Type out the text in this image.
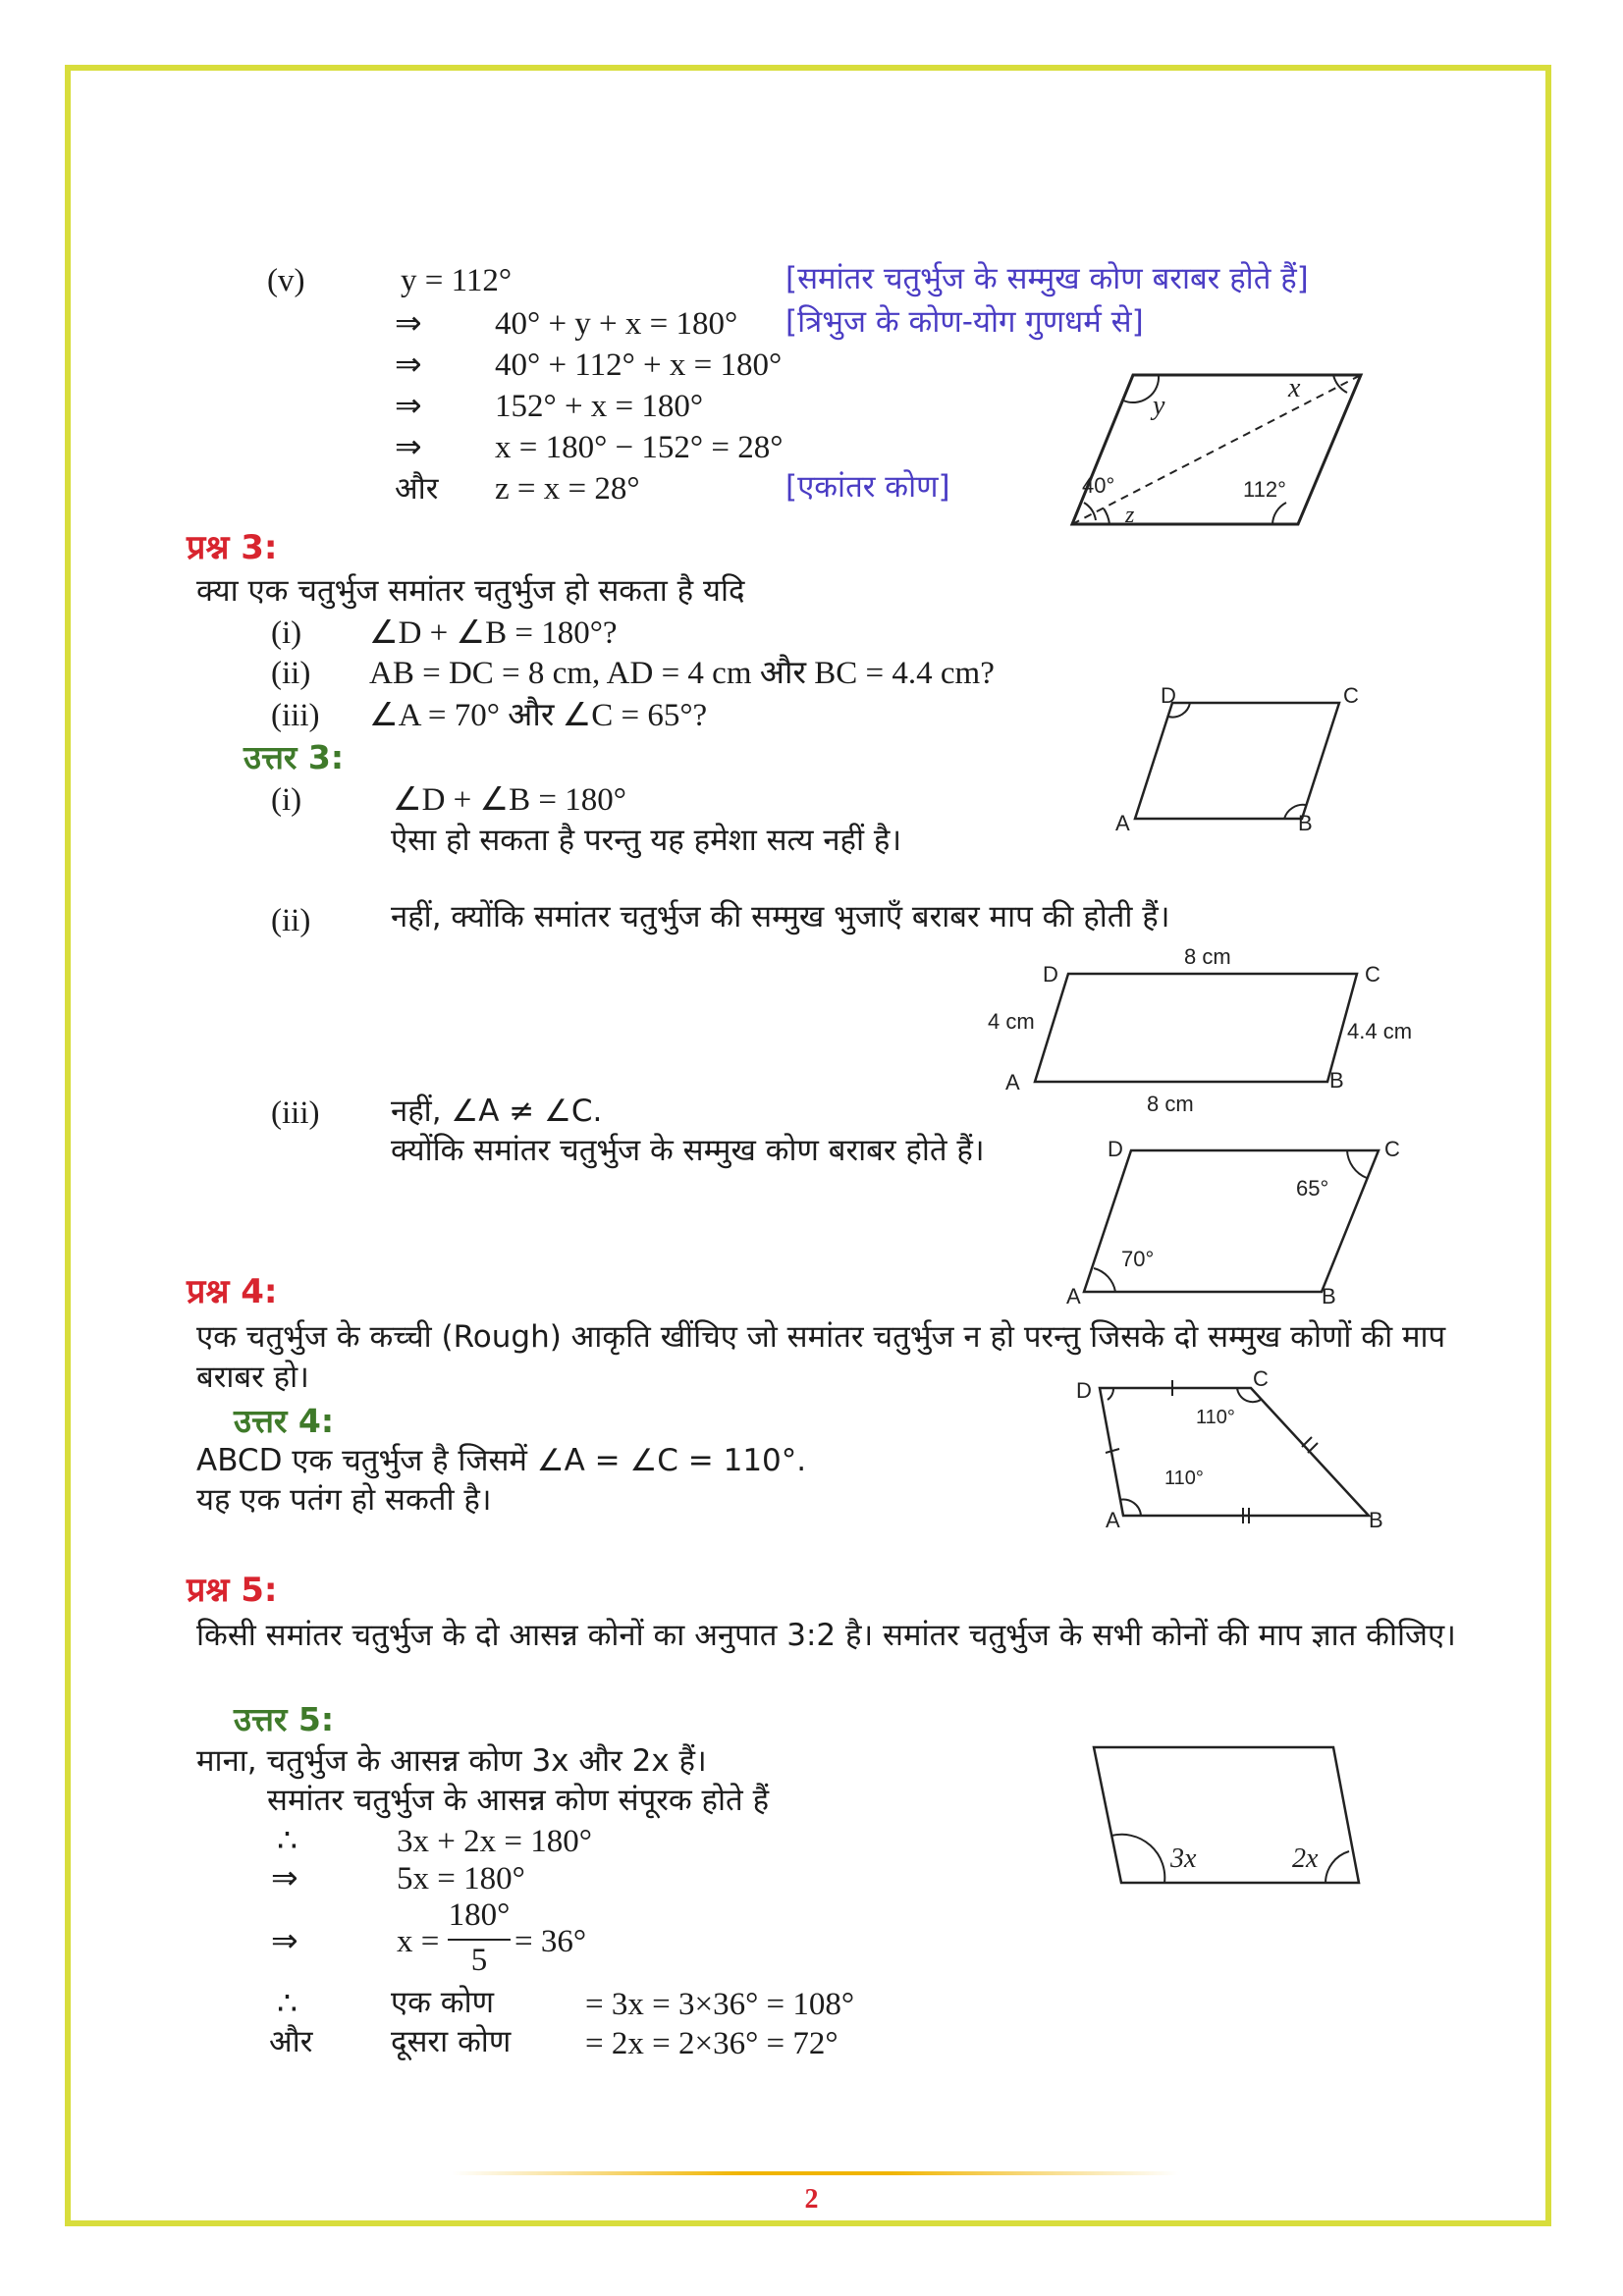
(v)	y = 112°	[समांतर चतुर्भुज के सम्मुख कोण बराबर होते हैं]
⇒ 40° + y + x = 180° [त्रिभुज के कोण-योग गुणधर्म से]
⇒ 40° + 112° + x = 180°
⇒ 152° + x = 180°
⇒ x = 180° − 152° = 28°
और z = x = 28°	[एकांतर कोण]
y
x
40°	112°
z
प्रश्न 3:
क्या एक चतुर्भुज समांतर चतुर्भुज हो सकता है यदि
(i) ∠D + ∠B = 180°?
(ii) AB = DC = 8 cm, AD = 4 cm और BC = 4.4 cm?
(iii) ∠A = 70° और ∠C = 65°?
उत्तर 3:
(i)	∠D + ∠B = 180°
ऐसा हो सकता है परन्तु यह हमेशा सत्य नहीं है।
D	C
A	B
(ii)	नहीं, क्योंकि समांतर चतुर्भुज की सम्मुख भुजाएँ बराबर माप की होती हैं।
8 cm
8 cm
4 cm	4.4 cm
D	C
A	B
(iii) नहीं, ∠A ≠ ∠C.
क्योंकि समांतर चतुर्भुज के सम्मुख कोण बराबर होते हैं।
65°
70°
D	C
A	B
प्रश्न 4:
एक चतुर्भुज के कच्ची (Rough) आकृति खींचिए जो समांतर चतुर्भुज न हो परन्तु जिसके दो सम्मुख कोणों की माप बराबर हो।
उत्तर 4:
ABCD एक चतुर्भुज है जिसमें ∠A = ∠C = 110°.
यह एक पतंग हो सकती है।
110°
110°
D	C
A	B
प्रश्न 5:
किसी समांतर चतुर्भुज के दो आसन्न कोनों का अनुपात 3:2 है। समांतर चतुर्भुज के सभी कोनों की माप ज्ञात कीजिए।
उत्तर 5:
माना, चतुर्भुज के आसन्न कोण 3x और 2x हैं।
समांतर चतुर्भुज के आसन्न कोण संपूरक होते हैं
∴	3x + 2x = 180°
⇒	5x = 180°
⇒	x =
180°
5
= 36°
∴	एक कोण	= 3x = 3×36° = 108°
और	दूसरा कोण = 2x = 2×36° = 72°
3x	2x
2
